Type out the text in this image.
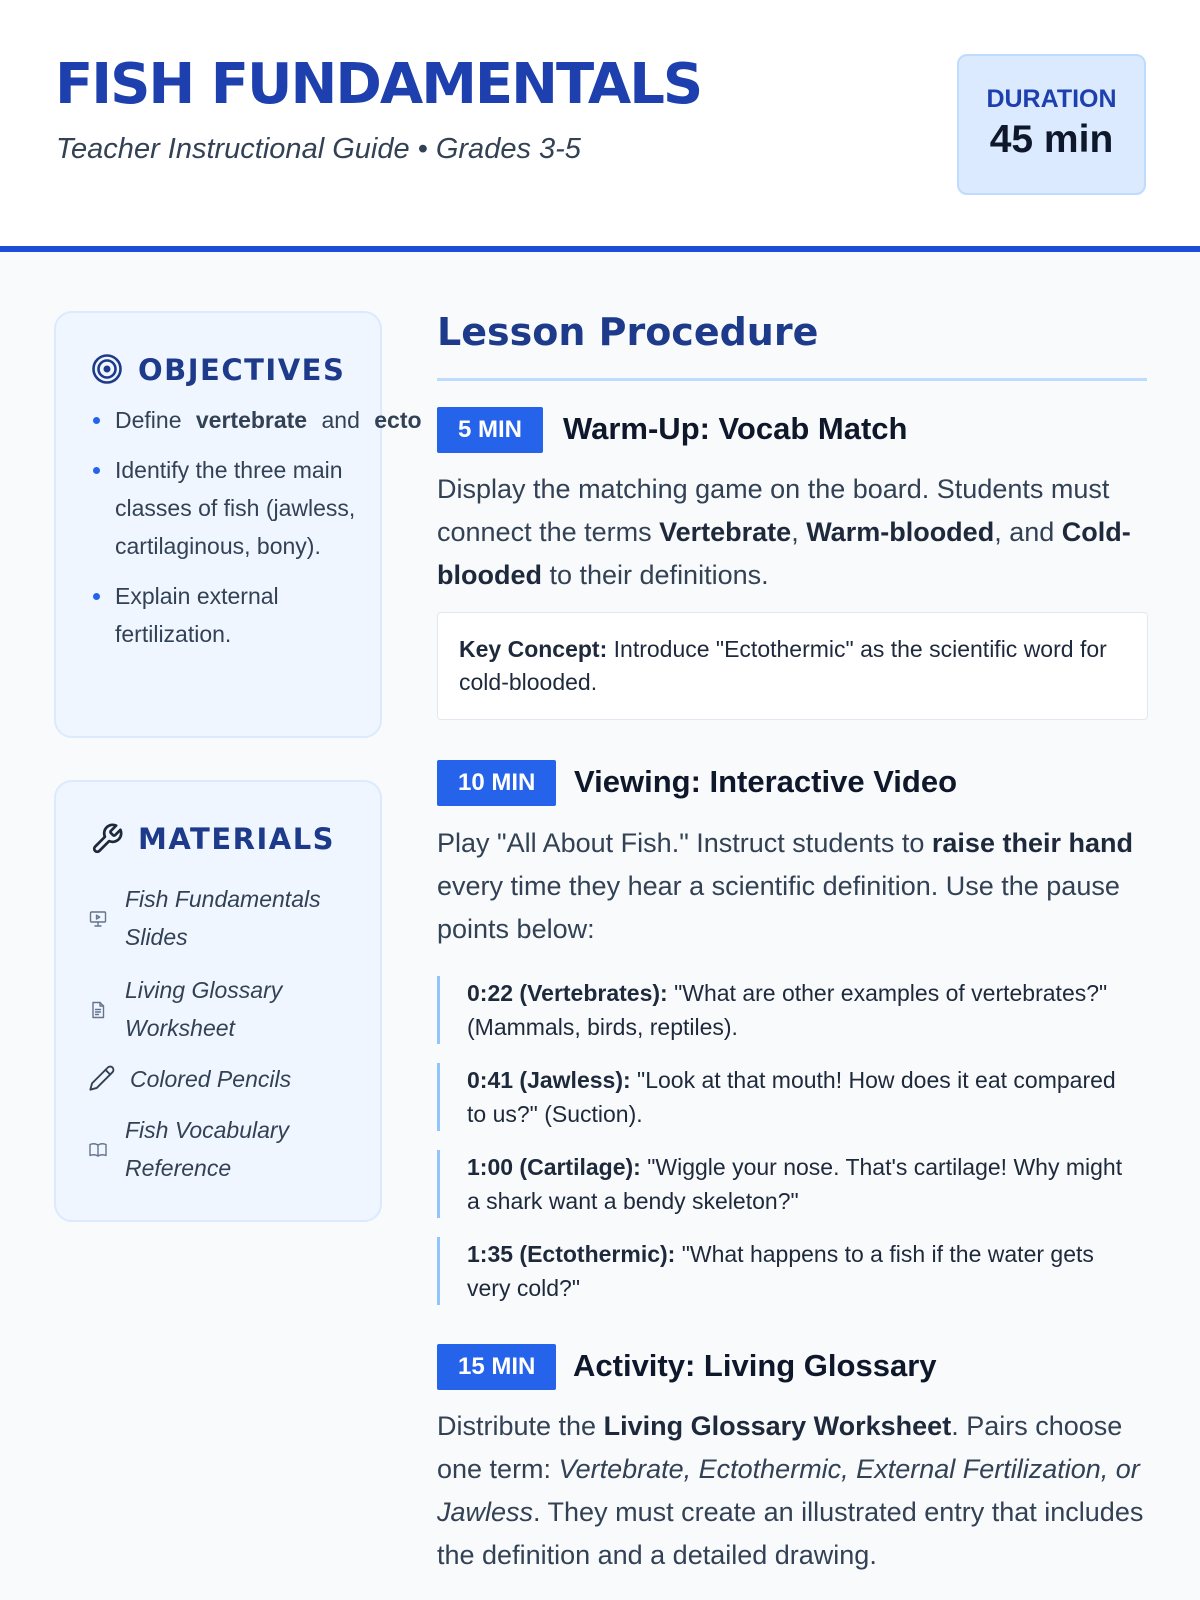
FISH FUNDAMENTALS
Teacher Instructional Guide • Grades 3-5
DURATION
45 min
OBJECTIVES
Define vertebrate and ecto
Identify the three main classes of fish (jawless, cartilaginous, bony).
Explain external fertilization.
MATERIALS
Fish Fundamentals Slides
Living Glossary Worksheet
Colored Pencils
Fish Vocabulary Reference
Lesson Procedure
5 MIN	Warm-Up: Vocab Match
Display the matching game on the board. Students must connect the terms Vertebrate, Warm-blooded, and Cold-blooded to their definitions.
Key Concept: Introduce "Ectothermic" as the scientific word for cold-blooded.
10 MIN	Viewing: Interactive Video
Play "All About Fish." Instruct students to raise their hand every time they hear a scientific definition. Use the pause points below:
0:22 (Vertebrates): "What are other examples of vertebrates?" (Mammals, birds, reptiles).
0:41 (Jawless): "Look at that mouth! How does it eat compared to us?" (Suction).
1:00 (Cartilage): "Wiggle your nose. That's cartilage! Why might a shark want a bendy skeleton?"
1:35 (Ectothermic): "What happens to a fish if the water gets very cold?"
15 MIN	Activity: Living Glossary
Distribute the Living Glossary Worksheet. Pairs choose one term: Vertebrate, Ectothermic, External Fertilization, or Jawless. They must create an illustrated entry that includes the definition and a detailed drawing.
